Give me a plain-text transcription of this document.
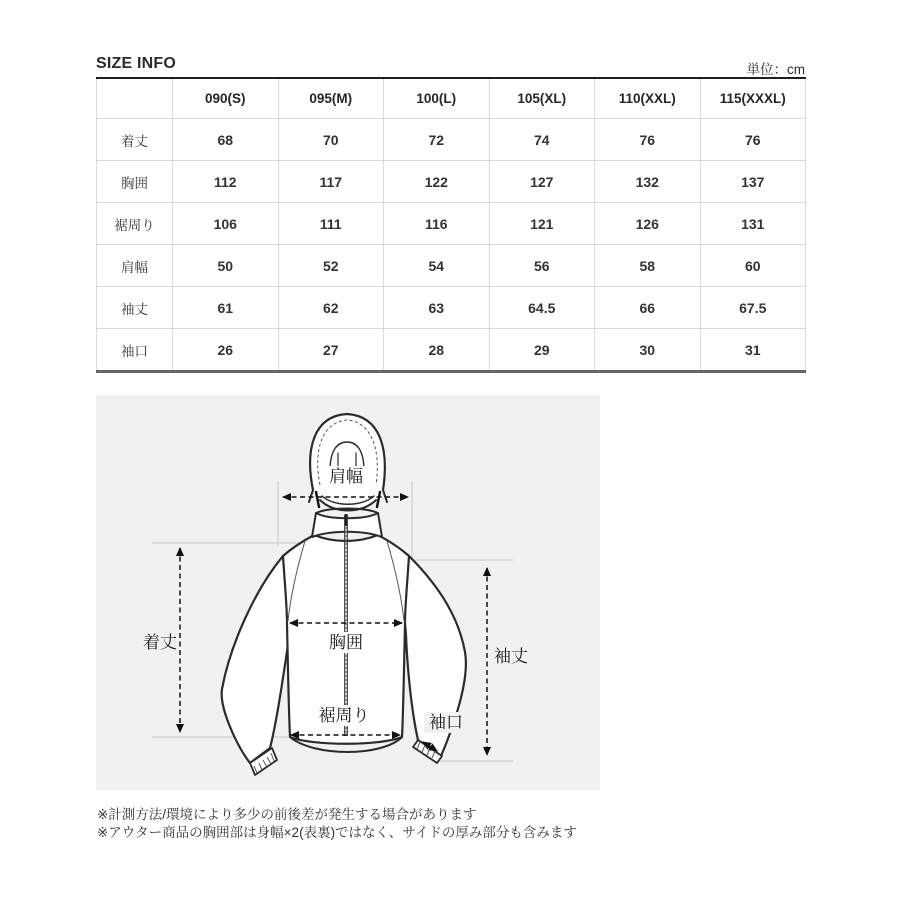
SIZE INFO	単位：cm
	090(S)	095(M)	100(L)	105(XL)	110(XXL)	115(XXXL)
着丈	68	70	72	74	76	76
胸囲	112	117	122	127	132	137
裾周り	106	111	116	121	126	131
肩幅	50	52	54	56	58	60
袖丈	61	62	63	64.5	66	67.5
袖口	26	27	28	29	30	31
肩幅
着丈	胸囲
裾周り
袖丈
袖口
※計測方法/環境により多少の前後差が発生する場合があります
※アウター商品の胸囲部は身幅×2(表裏)ではなく、サイドの厚み部分も含みます
